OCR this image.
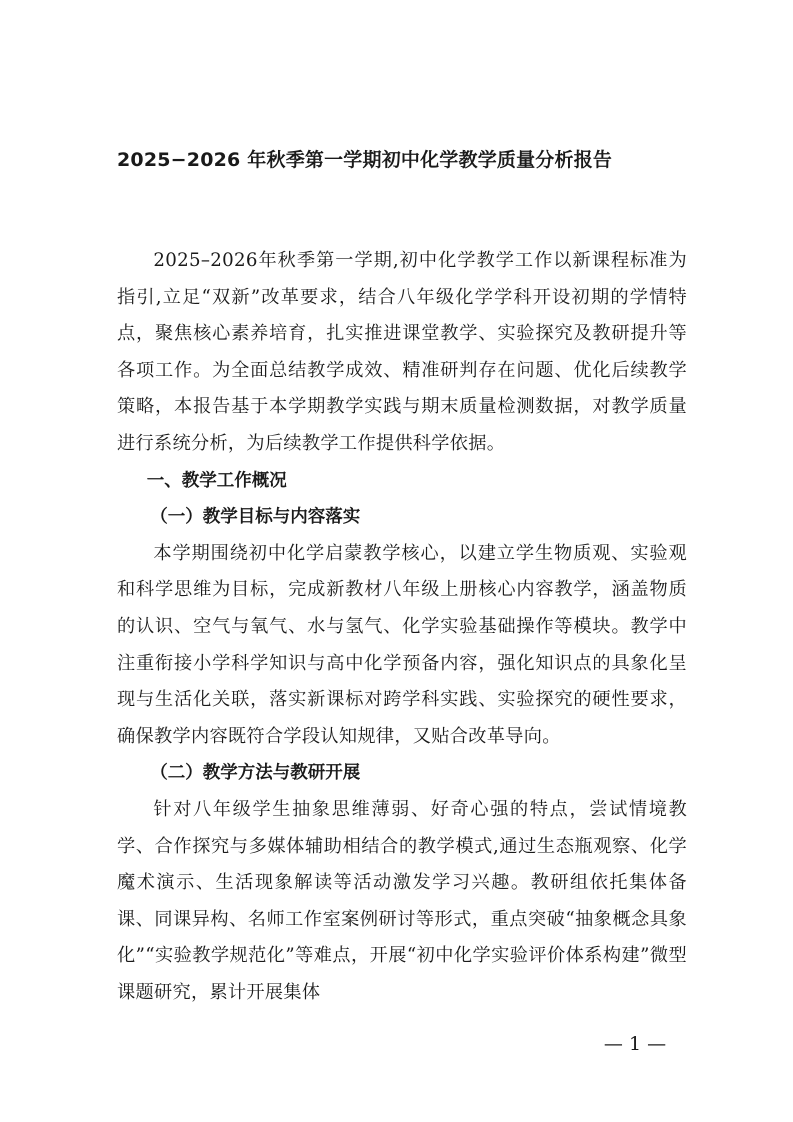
2025−2026 年秋季第一学期初中化学教学质量分析报告

2025–2026年秋季第一学期,初中化学教学工作以新课程标准为指引,立足“双新”改革要求，结合八年级化学学科开设初期的学情特点，聚焦核心素养培育，扎实推进课堂教学、实验探究及教研提升等各项工作。为全面总结教学成效、精准研判存在问题、优化后续教学策略，本报告基于本学期教学实践与期末质量检测数据，对教学质量进行系统分析，为后续教学工作提供科学依据。

一、教学工作概况

（一）教学目标与内容落实

本学期围绕初中化学启蒙教学核心，以建立学生物质观、实验观和科学思维为目标，完成新教材八年级上册核心内容教学，涵盖物质的认识、空气与氧气、水与氢气、化学实验基础操作等模块。教学中注重衔接小学科学知识与高中化学预备内容，强化知识点的具象化呈现与生活化关联，落实新课标对跨学科实践、实验探究的硬性要求，确保教学内容既符合学段认知规律，又贴合改革导向。

（二）教学方法与教研开展

针对八年级学生抽象思维薄弱、好奇心强的特点，尝试情境教学、合作探究与多媒体辅助相结合的教学模式,通过生态瓶观察、化学魔术演示、生活现象解读等活动激发学习兴趣。教研组依托集体备课、同课异构、名师工作室案例研讨等形式，重点突破“抽象概念具象化”“实验教学规范化”等难点，开展“初中化学实验评价体系构建”微型课题研究，累计开展集体

— 1 —
